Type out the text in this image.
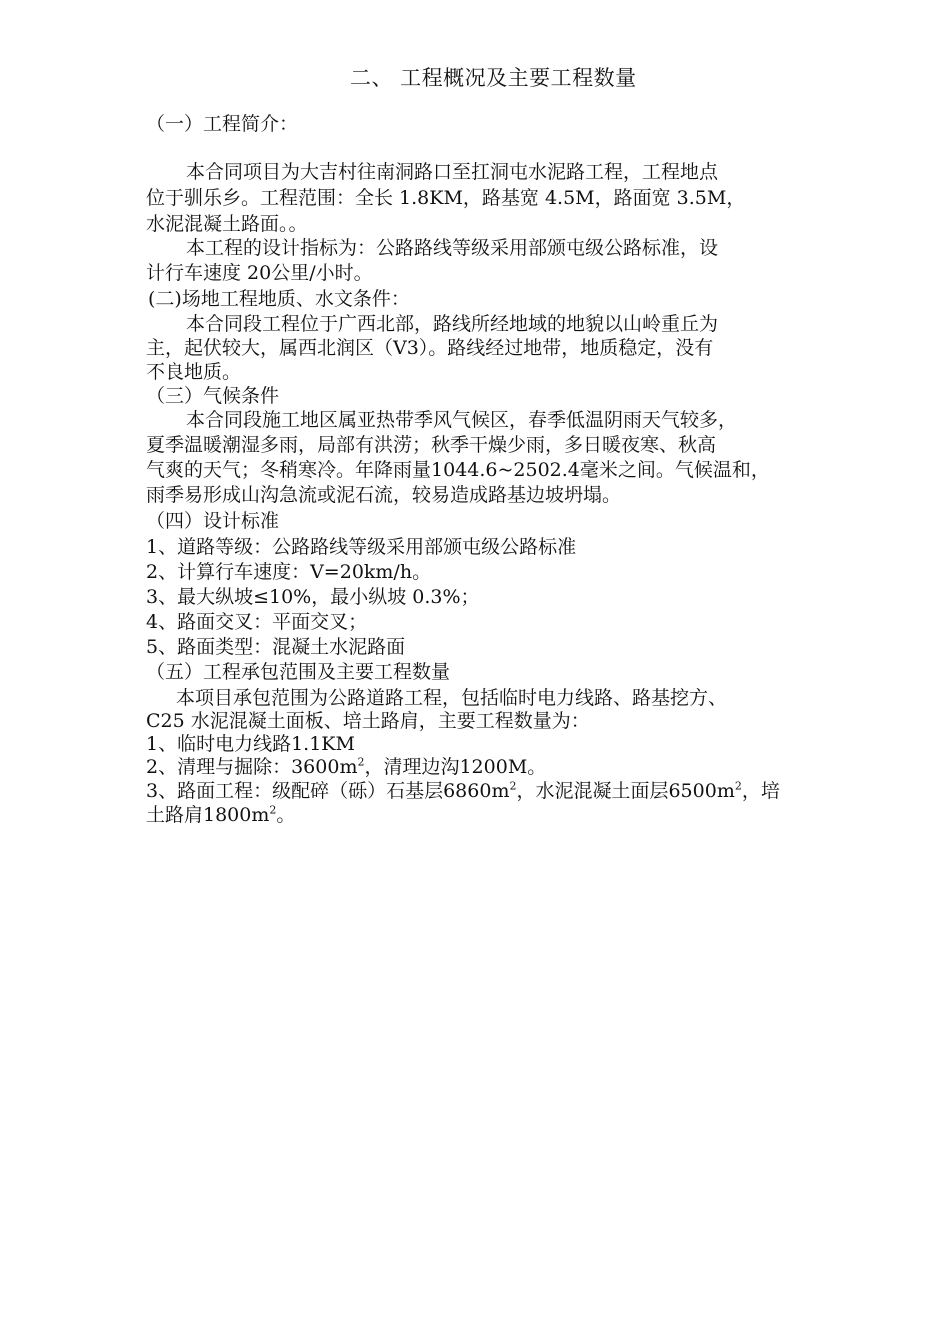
二、 工程概况及主要工程数量
（一）工程简介：
本合同项目为大吉村往南洞路口至扛洞屯水泥路工程，工程地点
位于驯乐乡。工程范围：全长 1.8KM，路基宽 4.5M，路面宽 3.5M，
水泥混凝土路面。。
本工程的设计指标为：公路路线等级采用部颁屯级公路标准，设
计行车速度 20公里/小时。
(二)场地工程地质、水文条件：
本合同段工程位于广西北部，路线所经地域的地貌以山岭重丘为
主，起伏较大，属西北润区（V3）。路线经过地带，地质稳定，没有
不良地质。
（三）气候条件
本合同段施工地区属亚热带季风气候区，春季低温阴雨天气较多，
夏季温暖潮湿多雨，局部有洪涝；秋季干燥少雨，多日暖夜寒、秋高
气爽的天气；冬稍寒冷。年降雨量1044.6~2502.4毫米之间。气候温和，
雨季易形成山沟急流或泥石流，较易造成路基边坡坍塌。
（四）设计标准
1、道路等级：公路路线等级采用部颁屯级公路标准
2、计算行车速度：V=20km/h。
3、最大纵坡≤10%，最小纵坡 0.3%；
4、路面交叉：平面交叉；
5、路面类型：混凝土水泥路面
（五）工程承包范围及主要工程数量
本项目承包范围为公路道路工程，包括临时电力线路、路基挖方、
C25 水泥混凝土面板、培土路肩，主要工程数量为：
1、临时电力线路1.1KM
2、清理与掘除：$3600m^2$，清理边沟1200M。
3、路面工程：级配碎（砾）石基层$6860m^2$，水泥混凝土面层$6500m^2$，培
土路肩$1800m^2$。
